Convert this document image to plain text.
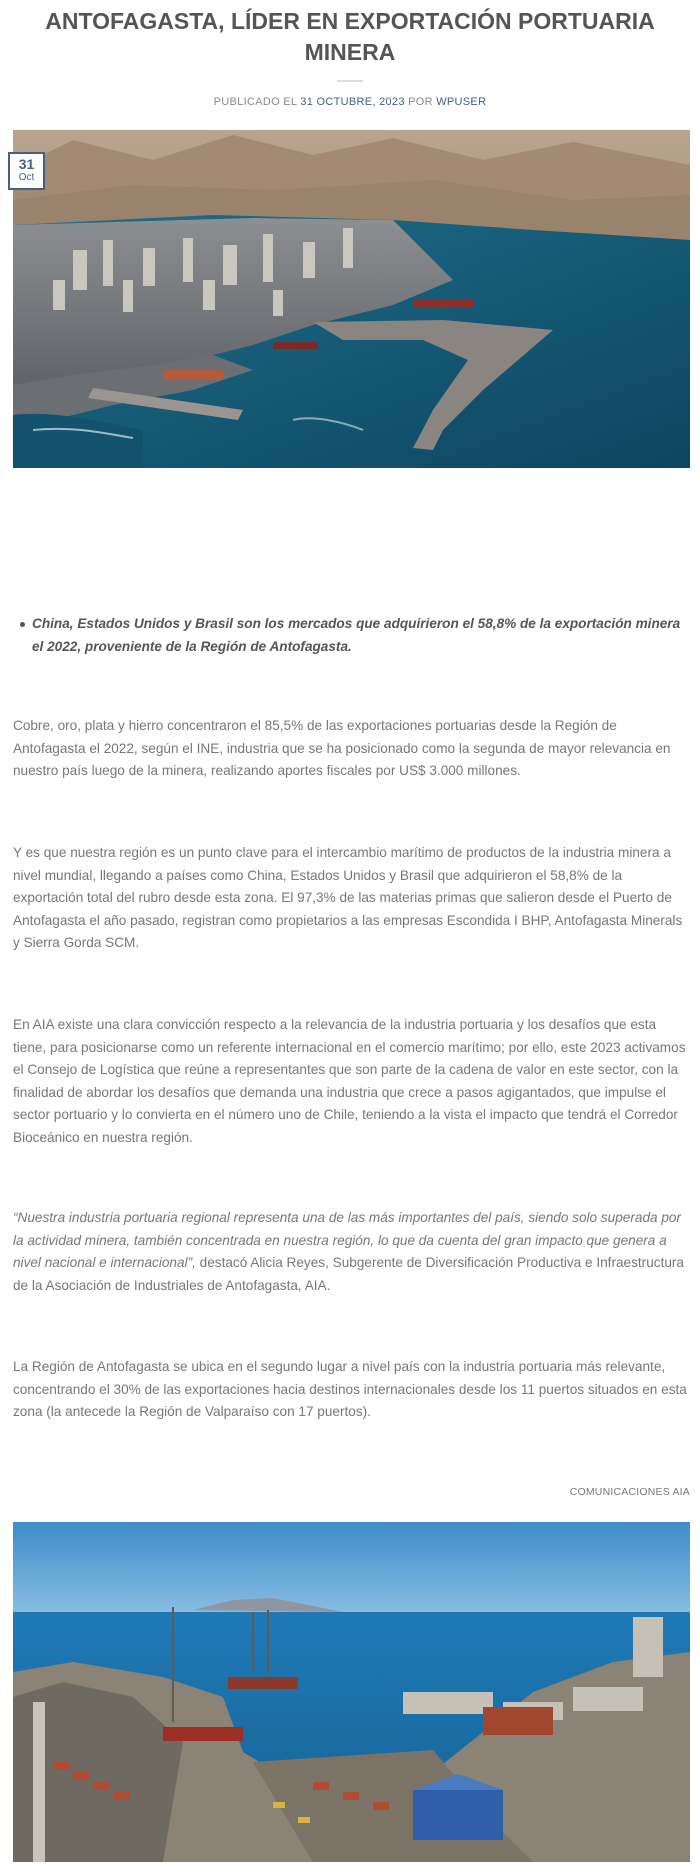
ANTOFAGASTA, LÍDER EN EXPORTACIÓN PORTUARIA MINERA
PUBLICADO EL 31 OCTUBRE, 2023 POR WPUSER
31
Oct

China, Estados Unidos y Brasil son los mercados que adquirieron el 58,8% de la exportación minera el 2022, proveniente de la Región de Antofagasta.

Cobre, oro, plata y hierro concentraron el 85,5% de las exportaciones portuarias desde la Región de Antofagasta el 2022, según el INE, industria que se ha posicionado como la segunda de mayor relevancia en nuestro país luego de la minera, realizando aportes fiscales por US$ 3.000 millones.

Y es que nuestra región es un punto clave para el intercambio marítimo de productos de la industria minera a nivel mundial, llegando a países como China, Estados Unidos y Brasil que adquirieron el 58,8% de la exportación total del rubro desde esta zona. El 97,3% de las materias primas que salieron desde el Puerto de Antofagasta el año pasado, registran como propietarios a las empresas Escondida I BHP, Antofagasta Minerals y Sierra Gorda SCM.

En AIA existe una clara convicción respecto a la relevancia de la industria portuaria y los desafíos que esta tiene, para posicionarse como un referente internacional en el comercio marítimo; por ello, este 2023 activamos el Consejo de Logística que reúne a representantes que son parte de la cadena de valor en este sector, con la finalidad de abordar los desafíos que demanda una industria que crece a pasos agigantados, que impulse el sector portuario y lo convierta en el número uno de Chile, teniendo a la vista el impacto que tendrá el Corredor Bioceánico en nuestra región.

“Nuestra industria portuaria regional representa una de las más importantes del país, siendo solo superada por la actividad minera, también concentrada en nuestra región, lo que da cuenta del gran impacto que genera a nivel nacional e internacional”, destacó Alicia Reyes, Subgerente de Diversificación Productiva e Infraestructura de la Asociación de Industriales de Antofagasta, AIA.

La Región de Antofagasta se ubica en el segundo lugar a nivel país con la industria portuaria más relevante, concentrando el 30% de las exportaciones hacia destinos internacionales desde los 11 puertos situados en esta zona (la antecede la Región de Valparaíso con 17 puertos).

COMUNICACIONES AIA
